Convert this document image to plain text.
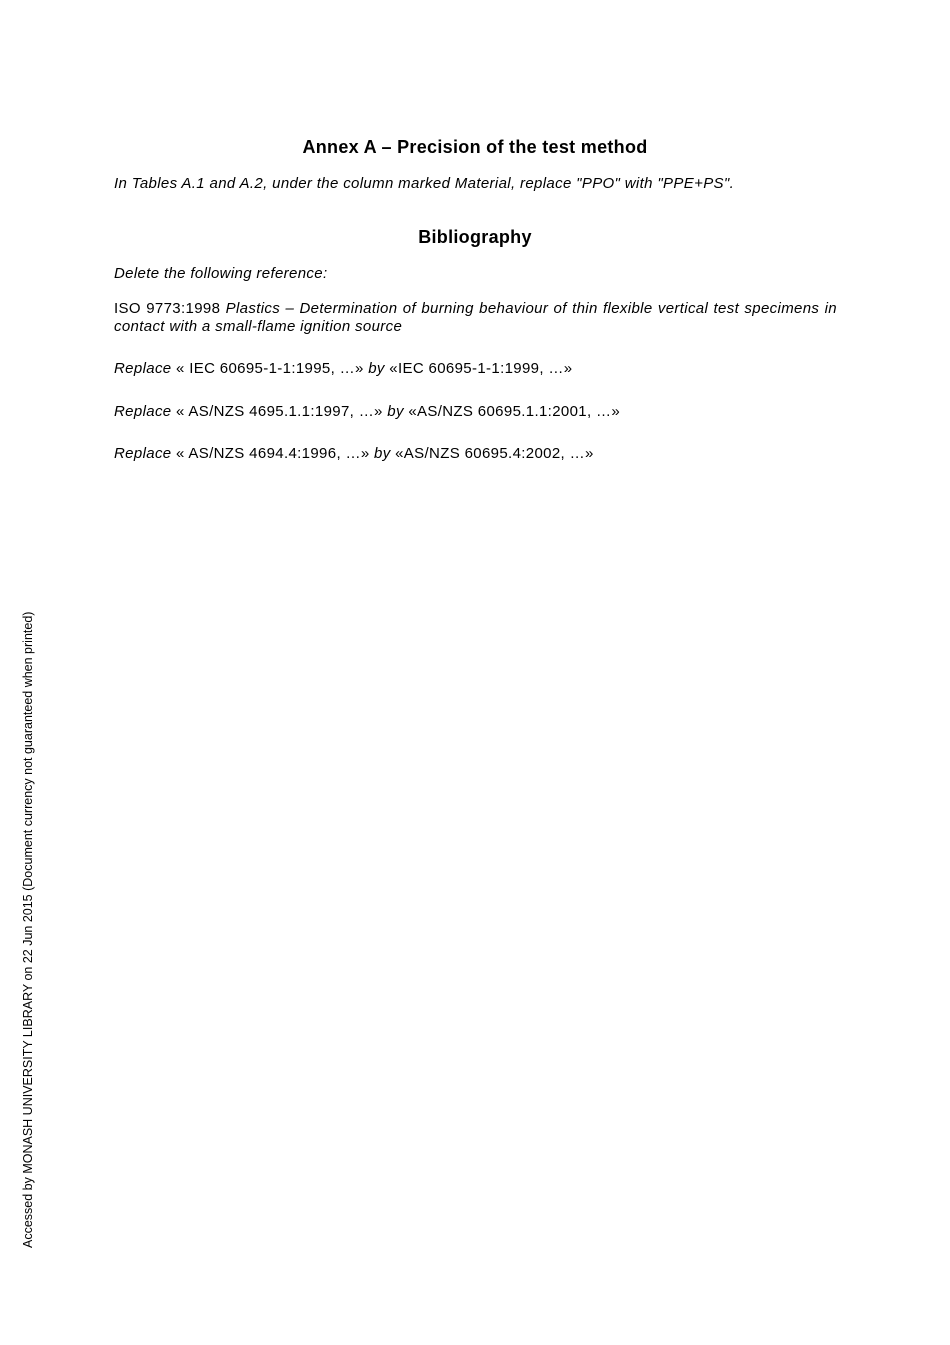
Annex A – Precision of the test method
In Tables A.1 and A.2, under the column marked Material, replace "PPO" with "PPE+PS".
Bibliography
Delete the following reference:
ISO 9773:1998 Plastics – Determination of burning behaviour of thin flexible vertical test specimens in contact with a small-flame ignition source
Replace « IEC 60695-1-1:1995, …» by «IEC 60695-1-1:1999, …»
Replace « AS/NZS 4695.1.1:1997, …» by «AS/NZS 60695.1.1:2001, …»
Replace « AS/NZS 4694.4:1996, …» by «AS/NZS 60695.4:2002, …»
Accessed by MONASH UNIVERSITY LIBRARY on 22 Jun 2015 (Document currency not guaranteed when printed)
